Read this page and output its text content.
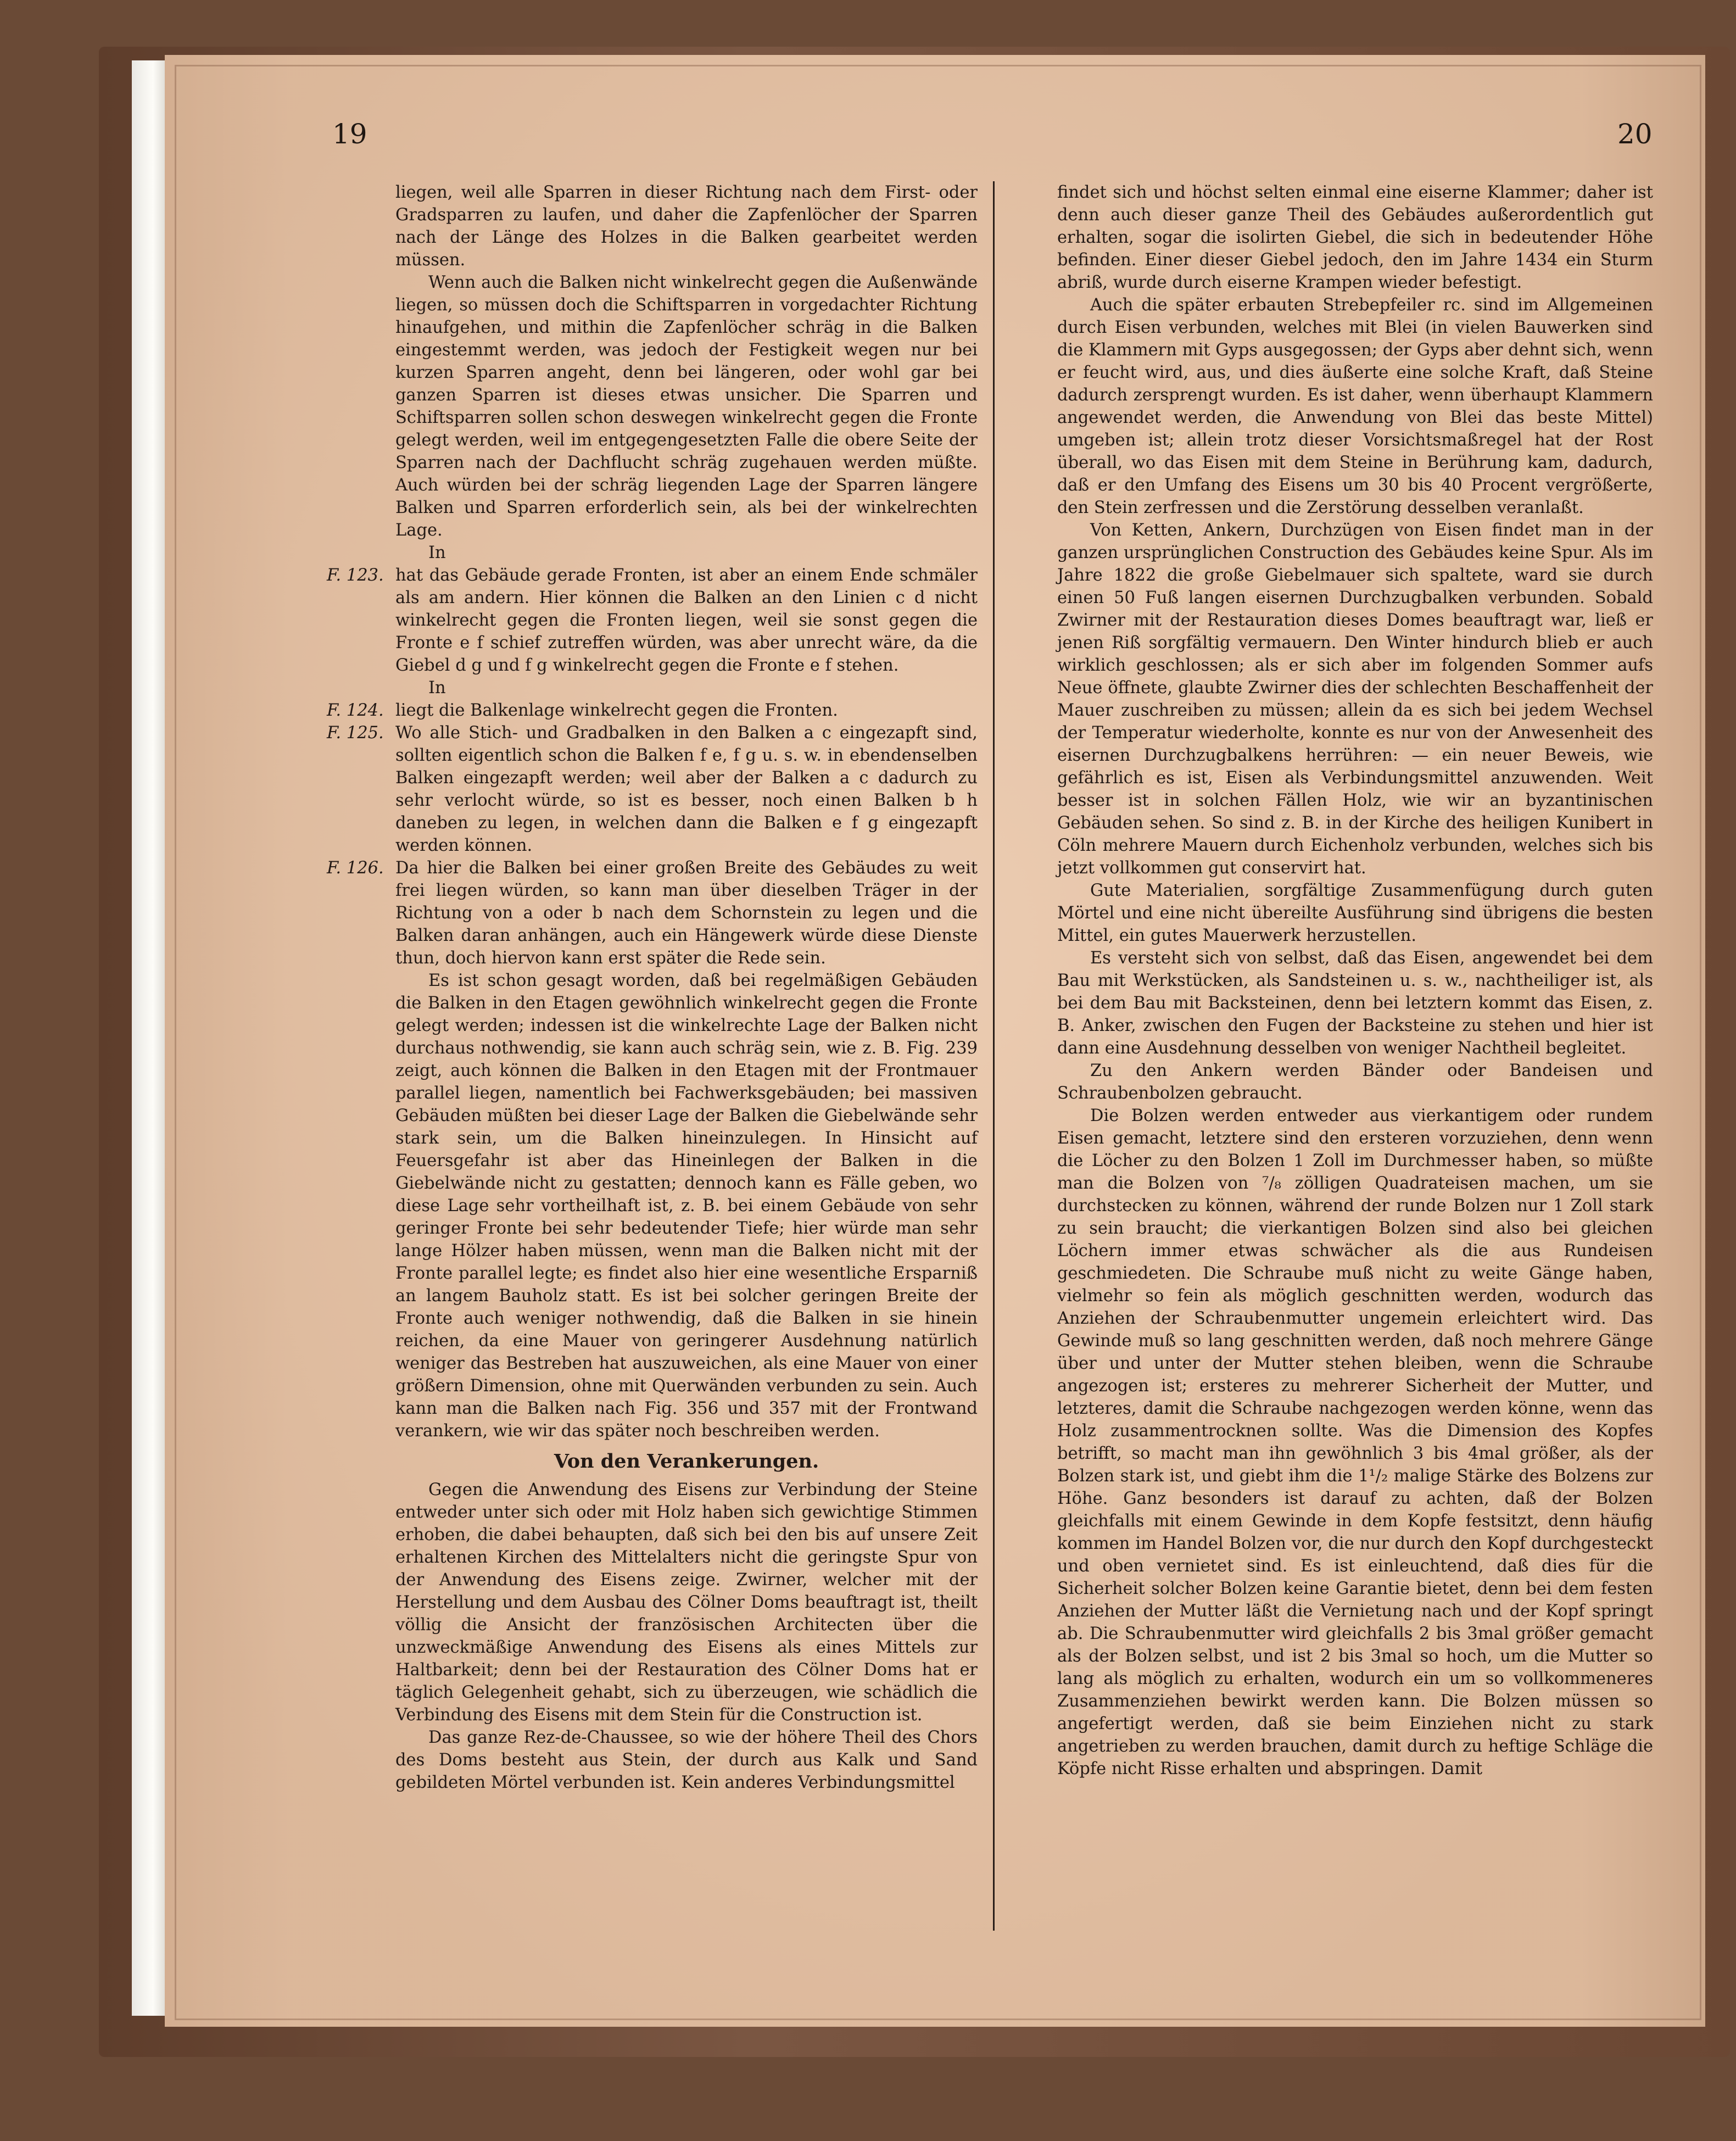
19	20

liegen, weil alle Sparren in dieser Richtung nach dem First- oder Gradsparren zu laufen, und daher die Zapfenlöcher der Sparren nach der Länge des Holzes in die Balken gearbeitet werden müssen.

Wenn auch die Balken nicht winkelrecht gegen die Außenwände liegen, so müssen doch die Schiftsparren in vorgedachter Richtung hinaufgehen, und mithin die Zapfenlöcher schräg in die Balken eingestemmt werden, was jedoch der Festigkeit wegen nur bei kurzen Sparren angeht, denn bei längeren, oder wohl gar bei ganzen Sparren ist dieses etwas unsicher. Die Sparren und Schiftsparren sollen schon deswegen winkelrecht gegen die Fronte gelegt werden, weil im entgegengesetzten Falle die obere Seite der Sparren nach der Dachflucht schräg zugehauen werden müßte. Auch würden bei der schräg liegenden Lage der Sparren längere Balken und Sparren erforderlich sein, als bei der winkelrechten Lage.

In

F. 123. hat das Gebäude gerade Fronten, ist aber an einem Ende schmäler als am andern. Hier können die Balken an den Linien c d nicht winkelrecht gegen die Fronten liegen, weil sie sonst gegen die Fronte e f schief zutreffen würden, was aber unrecht wäre, da die Giebel d g und f g winkelrecht gegen die Fronte e f stehen.

In

F. 124. liegt die Balkenlage winkelrecht gegen die Fronten.

F. 125. Wo alle Stich- und Gradbalken in den Balken a c eingezapft sind, sollten eigentlich schon die Balken f e, f g u. s. w. in ebendenselben Balken eingezapft werden; weil aber der Balken a c dadurch zu sehr verlocht würde, so ist es besser, noch einen Balken b h daneben zu legen, in welchen dann die Balken e f g eingezapft werden können.

F. 126. Da hier die Balken bei einer großen Breite des Gebäudes zu weit frei liegen würden, so kann man über dieselben Träger in der Richtung von a oder b nach dem Schornstein zu legen und die Balken daran anhängen, auch ein Hängewerk würde diese Dienste thun, doch hiervon kann erst später die Rede sein.

Es ist schon gesagt worden, daß bei regelmäßigen Gebäuden die Balken in den Etagen gewöhnlich winkelrecht gegen die Fronte gelegt werden; indessen ist die winkelrechte Lage der Balken nicht durchaus nothwendig, sie kann auch schräg sein, wie z. B. Fig. 239 zeigt, auch können die Balken in den Etagen mit der Frontmauer parallel liegen, namentlich bei Fachwerksgebäuden; bei massiven Gebäuden müßten bei dieser Lage der Balken die Giebelwände sehr stark sein, um die Balken hineinzulegen. In Hinsicht auf Feuersgefahr ist aber das Hineinlegen der Balken in die Giebelwände nicht zu gestatten; dennoch kann es Fälle geben, wo diese Lage sehr vortheilhaft ist, z. B. bei einem Gebäude von sehr geringer Fronte bei sehr bedeutender Tiefe; hier würde man sehr lange Hölzer haben müssen, wenn man die Balken nicht mit der Fronte parallel legte; es findet also hier eine wesentliche Ersparniß an langem Bauholz statt. Es ist bei solcher geringen Breite der Fronte auch weniger nothwendig, daß die Balken in sie hinein reichen, da eine Mauer von geringerer Ausdehnung natürlich weniger das Bestreben hat auszuweichen, als eine Mauer von einer größern Dimension, ohne mit Querwänden verbunden zu sein. Auch kann man die Balken nach Fig. 356 und 357 mit der Frontwand verankern, wie wir das später noch beschreiben werden.

Von den Verankerungen.

Gegen die Anwendung des Eisens zur Verbindung der Steine entweder unter sich oder mit Holz haben sich gewichtige Stimmen erhoben, die dabei behaupten, daß sich bei den bis auf unsere Zeit erhaltenen Kirchen des Mittelalters nicht die geringste Spur von der Anwendung des Eisens zeige. Zwirner, welcher mit der Herstellung und dem Ausbau des Cölner Doms beauftragt ist, theilt völlig die Ansicht der französischen Architecten über die unzweckmäßige Anwendung des Eisens als eines Mittels zur Haltbarkeit; denn bei der Restauration des Cölner Doms hat er täglich Gelegenheit gehabt, sich zu überzeugen, wie schädlich die Verbindung des Eisens mit dem Stein für die Construction ist.

Das ganze Rez-de-Chaussee, so wie der höhere Theil des Chors des Doms besteht aus Stein, der durch aus Kalk und Sand gebildeten Mörtel verbunden ist. Kein anderes Verbindungsmittel

findet sich und höchst selten einmal eine eiserne Klammer; daher ist denn auch dieser ganze Theil des Gebäudes außerordentlich gut erhalten, sogar die isolirten Giebel, die sich in bedeutender Höhe befinden. Einer dieser Giebel jedoch, den im Jahre 1434 ein Sturm abriß, wurde durch eiserne Krampen wieder befestigt.

Auch die später erbauten Strebepfeiler rc. sind im Allgemeinen durch Eisen verbunden, welches mit Blei (in vielen Bauwerken sind die Klammern mit Gyps ausgegossen; der Gyps aber dehnt sich, wenn er feucht wird, aus, und dies äußerte eine solche Kraft, daß Steine dadurch zersprengt wurden. Es ist daher, wenn überhaupt Klammern angewendet werden, die Anwendung von Blei das beste Mittel) umgeben ist; allein trotz dieser Vorsichtsmaßregel hat der Rost überall, wo das Eisen mit dem Steine in Berührung kam, dadurch, daß er den Umfang des Eisens um 30 bis 40 Procent vergrößerte, den Stein zerfressen und die Zerstörung desselben veranlaßt.

Von Ketten, Ankern, Durchzügen von Eisen findet man in der ganzen ursprünglichen Construction des Gebäudes keine Spur. Als im Jahre 1822 die große Giebelmauer sich spaltete, ward sie durch einen 50 Fuß langen eisernen Durchzugbalken verbunden. Sobald Zwirner mit der Restauration dieses Domes beauftragt war, ließ er jenen Riß sorgfältig vermauern. Den Winter hindurch blieb er auch wirklich geschlossen; als er sich aber im folgenden Sommer aufs Neue öffnete, glaubte Zwirner dies der schlechten Beschaffenheit der Mauer zuschreiben zu müssen; allein da es sich bei jedem Wechsel der Temperatur wiederholte, konnte es nur von der Anwesenheit des eisernen Durchzugbalkens herrühren: — ein neuer Beweis, wie gefährlich es ist, Eisen als Verbindungsmittel anzuwenden. Weit besser ist in solchen Fällen Holz, wie wir an byzantinischen Gebäuden sehen. So sind z. B. in der Kirche des heiligen Kunibert in Cöln mehrere Mauern durch Eichenholz verbunden, welches sich bis jetzt vollkommen gut conservirt hat.

Gute Materialien, sorgfältige Zusammenfügung durch guten Mörtel und eine nicht übereilte Ausführung sind übrigens die besten Mittel, ein gutes Mauerwerk herzustellen.

Es versteht sich von selbst, daß das Eisen, angewendet bei dem Bau mit Werkstücken, als Sandsteinen u. s. w., nachtheiliger ist, als bei dem Bau mit Backsteinen, denn bei letztern kommt das Eisen, z. B. Anker, zwischen den Fugen der Backsteine zu stehen und hier ist dann eine Ausdehnung desselben von weniger Nachtheil begleitet.

Zu den Ankern werden Bänder oder Bandeisen und Schraubenbolzen gebraucht.

Die Bolzen werden entweder aus vierkantigem oder rundem Eisen gemacht, letztere sind den ersteren vorzuziehen, denn wenn die Löcher zu den Bolzen 1 Zoll im Durchmesser haben, so müßte man die Bolzen von ⁷/₈ zölligen Quadrateisen machen, um sie durchstecken zu können, während der runde Bolzen nur 1 Zoll stark zu sein braucht; die vierkantigen Bolzen sind also bei gleichen Löchern immer etwas schwächer als die aus Rundeisen geschmiedeten. Die Schraube muß nicht zu weite Gänge haben, vielmehr so fein als möglich geschnitten werden, wodurch das Anziehen der Schraubenmutter ungemein erleichtert wird. Das Gewinde muß so lang geschnitten werden, daß noch mehrere Gänge über und unter der Mutter stehen bleiben, wenn die Schraube angezogen ist; ersteres zu mehrerer Sicherheit der Mutter, und letzteres, damit die Schraube nachgezogen werden könne, wenn das Holz zusammentrocknen sollte. Was die Dimension des Kopfes betrifft, so macht man ihn gewöhnlich 3 bis 4mal größer, als der Bolzen stark ist, und giebt ihm die 1¹/₂ malige Stärke des Bolzens zur Höhe. Ganz besonders ist darauf zu achten, daß der Bolzen gleichfalls mit einem Gewinde in dem Kopfe festsitzt, denn häufig kommen im Handel Bolzen vor, die nur durch den Kopf durchgesteckt und oben vernietet sind. Es ist einleuchtend, daß dies für die Sicherheit solcher Bolzen keine Garantie bietet, denn bei dem festen Anziehen der Mutter läßt die Vernietung nach und der Kopf springt ab. Die Schraubenmutter wird gleichfalls 2 bis 3mal größer gemacht als der Bolzen selbst, und ist 2 bis 3mal so hoch, um die Mutter so lang als möglich zu erhalten, wodurch ein um so vollkommeneres Zusammenziehen bewirkt werden kann. Die Bolzen müssen so angefertigt werden, daß sie beim Einziehen nicht zu stark angetrieben zu werden brauchen, damit durch zu heftige Schläge die Köpfe nicht Risse erhalten und abspringen. Damit
